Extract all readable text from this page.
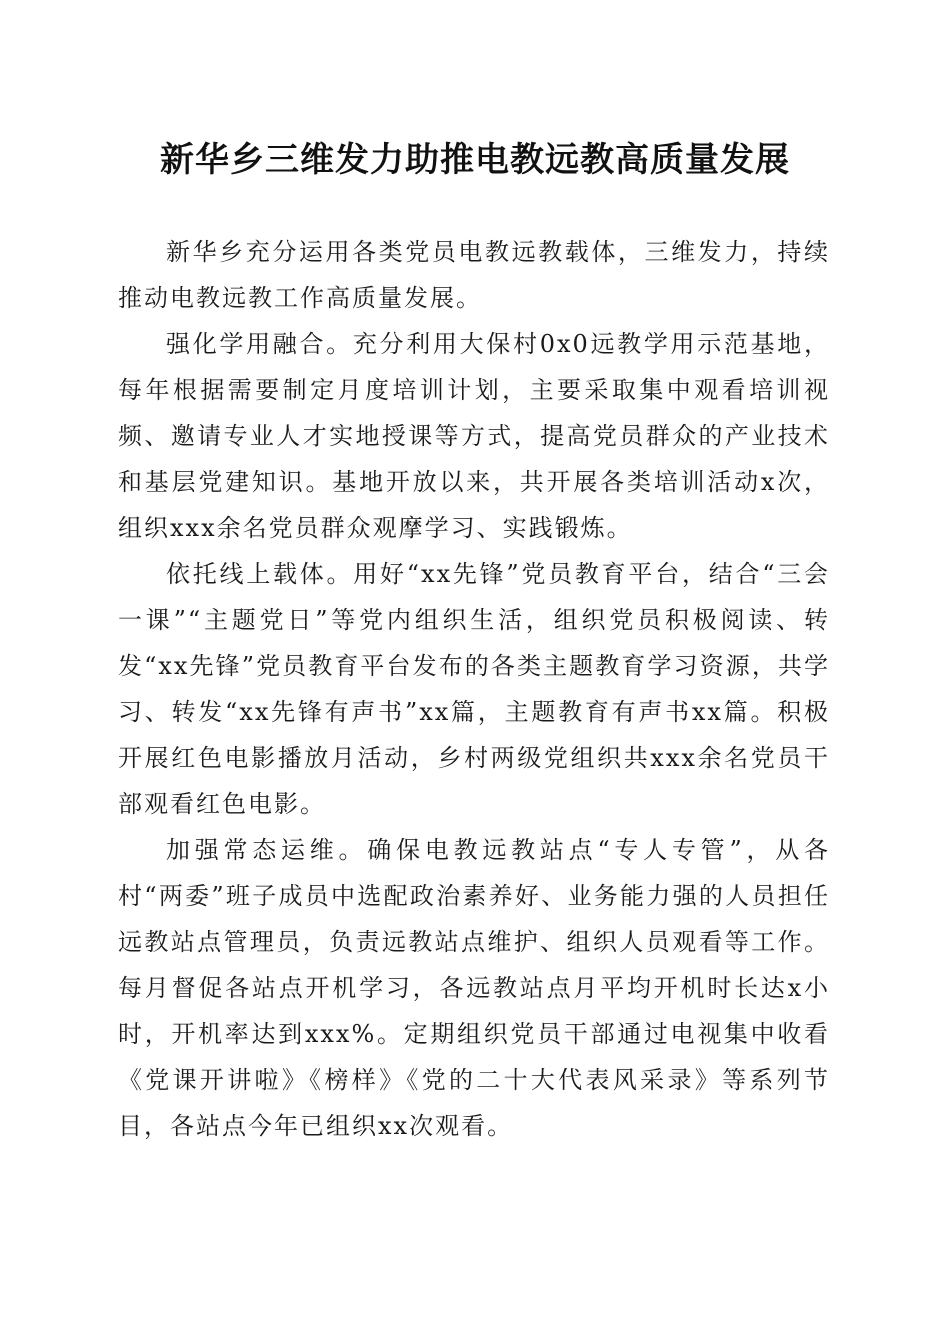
新华乡三维发力助推电教远教高质量发展

新华乡充分运用各类党员电教远教载体，三维发力，持续推动电教远教工作高质量发展。

强化学用融合。充分利用大保村0x0远教学用示范基地，每年根据需要制定月度培训计划，主要采取集中观看培训视频、邀请专业人才实地授课等方式，提高党员群众的产业技术和基层党建知识。基地开放以来，共开展各类培训活动x次，组织xxx余名党员群众观摩学习、实践锻炼。

依托线上载体。用好“xx先锋”党员教育平台，结合“三会一课”“主题党日”等党内组织生活，组织党员积极阅读、转发“xx先锋”党员教育平台发布的各类主题教育学习资源，共学习、转发“xx先锋有声书”xx篇，主题教育有声书xx篇。积极开展红色电影播放月活动，乡村两级党组织共xxx余名党员干部观看红色电影。

加强常态运维。确保电教远教站点“专人专管”，从各村“两委”班子成员中选配政治素养好、业务能力强的人员担任远教站点管理员，负责远教站点维护、组织人员观看等工作。每月督促各站点开机学习，各远教站点月平均开机时长达x小时，开机率达到xxx%。定期组织党员干部通过电视集中收看《党课开讲啦》《榜样》《党的二十大代表风采录》等系列节目，各站点今年已组织xx次观看。
